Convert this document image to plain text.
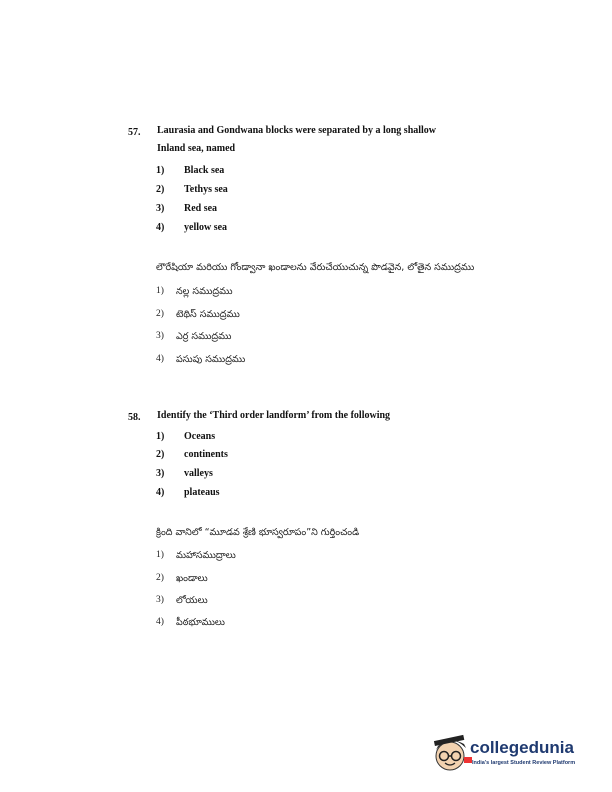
57. Laurasia and Gondwana blocks were separated by a long shallow
Inland sea, named
1) Black sea
2) Tethys sea
3) Red sea
4) yellow sea
లౌరేషియా మరియు గోండ్వానా ఖండాలను వేరుచేయుచున్న పొడవైన, లోతైన సముద్రము
1) నల్ల సముద్రము
2) టెథిస్ సముద్రము
3) ఎర్ర సముద్రము
4) పసుపు సముద్రము
58. Identify the ‘Third order landform’ from the following
1) Oceans
2) continents
3) valleys
4) plateaus
క్రింది వానిలో “మూడవ శ్రేణి భూస్వరూపం”ని గుర్తించండి
1) మహాసముద్రాలు
2) ఖండాలు
3) లోయలు
4) పీఠభూములు
collegedunia
India's largest Student Review Platform
